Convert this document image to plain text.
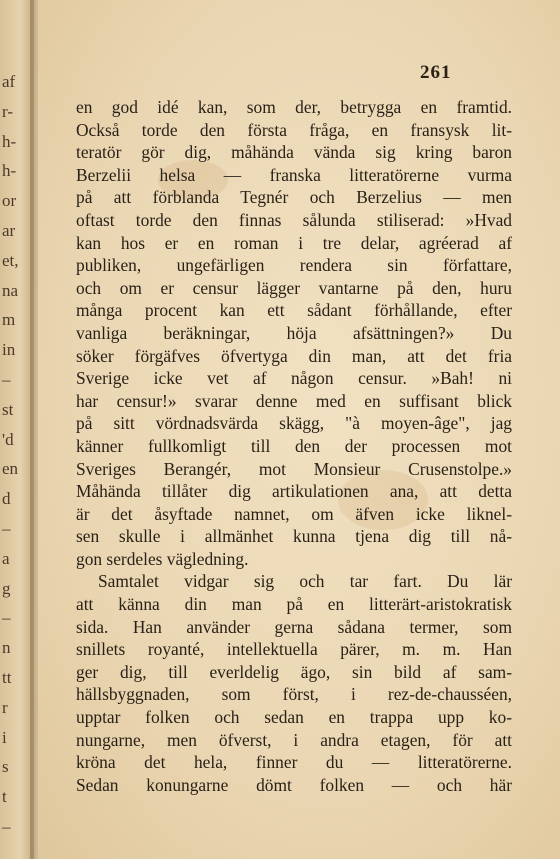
af
r-
h-
h-
or
ar
et,
na
m
in
–
st
'd
en
d
–
a
g
–
n
tt
r
i
s
t
–
261
en god idé kan, som der, betrygga en framtid.
Också torde den första fråga, en fransysk lit-
teratör gör dig, måhända vända sig kring baron
Berzelii helsa — franska litteratörerne vurma
på att förblanda Tegnér och Berzelius — men
oftast torde den finnas sålunda stiliserad: »Hvad
kan hos er en roman i tre delar, agréerad af
publiken, ungefärligen rendera sin författare,
och om er censur lägger vantarne på den, huru
många procent kan ett sådant förhållande, efter
vanliga beräkningar, höja afsättningen?» Du
söker förgäfves öfvertyga din man, att det fria
Sverige icke vet af någon censur. »Bah! ni
har censur!» svarar denne med en suffisant blick
på sitt vördnadsvärda skägg, "à moyen-âge", jag
känner fullkomligt till den der processen mot
Sveriges Berangér, mot Monsieur Crusenstolpe.»
Måhända tillåter dig artikulationen ana, att detta
är det åsyftade namnet, om äfven icke liknel-
sen skulle i allmänhet kunna tjena dig till nå-
gon serdeles vägledning.
Samtalet vidgar sig och tar fart. Du lär
att känna din man på en litterärt-aristokratisk
sida. Han använder gerna sådana termer, som
snillets royanté, intellektuella pärer, m. m. Han
ger dig, till everldelig ägo, sin bild af sam-
hällsbyggnaden, som först, i rez-de-chausséen,
upptar folken och sedan en trappa upp ko-
nungarne, men öfverst, i andra etagen, för att
kröna det hela, finner du — litteratörerne.
Sedan konungarne dömt folken — och här
